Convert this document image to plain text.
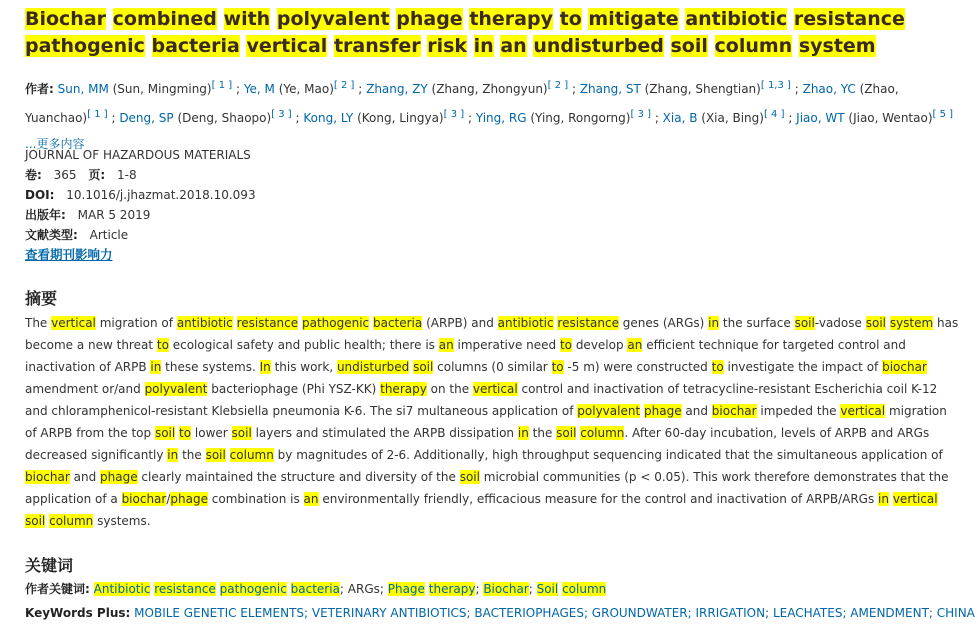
Biochar combined with polyvalent phage therapy to mitigate antibiotic resistance pathogenic bacteria vertical transfer risk in an undisturbed soil column system
作者: Sun, MM (Sun, Mingming)[ 1 ] ; Ye, M (Ye, Mao)[ 2 ] ; Zhang, ZY (Zhang, Zhongyun)[ 2 ] ; Zhang, ST (Zhang, Shengtian)[ 1,3 ] ; Zhao, YC (Zhao, Yuanchao)[ 1 ] ; Deng, SP (Deng, Shaopo)[ 3 ] ; Kong, LY (Kong, Lingya)[ 3 ] ; Ying, RG (Ying, Rongorng)[ 3 ] ; Xia, B (Xia, Bing)[ 4 ] ; Jiao, WT (Jiao, Wentao)[ 5 ] ...更多内容
JOURNAL OF HAZARDOUS MATERIALS
卷: 365 页: 1-8
DOI: 10.1016/j.jhazmat.2018.10.093
出版年: MAR 5 2019
文献类型: Article
查看期刊影响力
摘要
The vertical migration of antibiotic resistance pathogenic bacteria (ARPB) and antibiotic resistance genes (ARGs) in the surface soil-vadose soil system has become a new threat to ecological safety and public health; there is an imperative need to develop an efficient technique for targeted control and inactivation of ARPB in these systems. In this work, undisturbed soil columns (0 similar to -5 m) were constructed to investigate the impact of biochar amendment or/and polyvalent bacteriophage (Phi YSZ-KK) therapy on the vertical control and inactivation of tetracycline-resistant Escherichia coil K-12 and chloramphenicol-resistant Klebsiella pneumonia K-6. The si7 multaneous application of polyvalent phage and biochar impeded the vertical migration of ARPB from the top soil to lower soil layers and stimulated the ARPB dissipation in the soil column. After 60-day incubation, levels of ARPB and ARGs decreased significantly in the soil column by magnitudes of 2-6. Additionally, high throughput sequencing indicated that the simultaneous application of biochar and phage clearly maintained the structure and diversity of the soil microbial communities (p < 0.05). This work therefore demonstrates that the application of a biochar/phage combination is an environmentally friendly, efficacious measure for the control and inactivation of ARPB/ARGs in vertical soil column systems.
关键词
作者关键词: Antibiotic resistance pathogenic bacteria; ARGs; Phage therapy; Biochar; Soil column
KeyWords Plus: MOBILE GENETIC ELEMENTS; VETERINARY ANTIBIOTICS; BACTERIOPHAGES; GROUNDWATER; IRRIGATION; LEACHATES; AMENDMENT; CHINA
